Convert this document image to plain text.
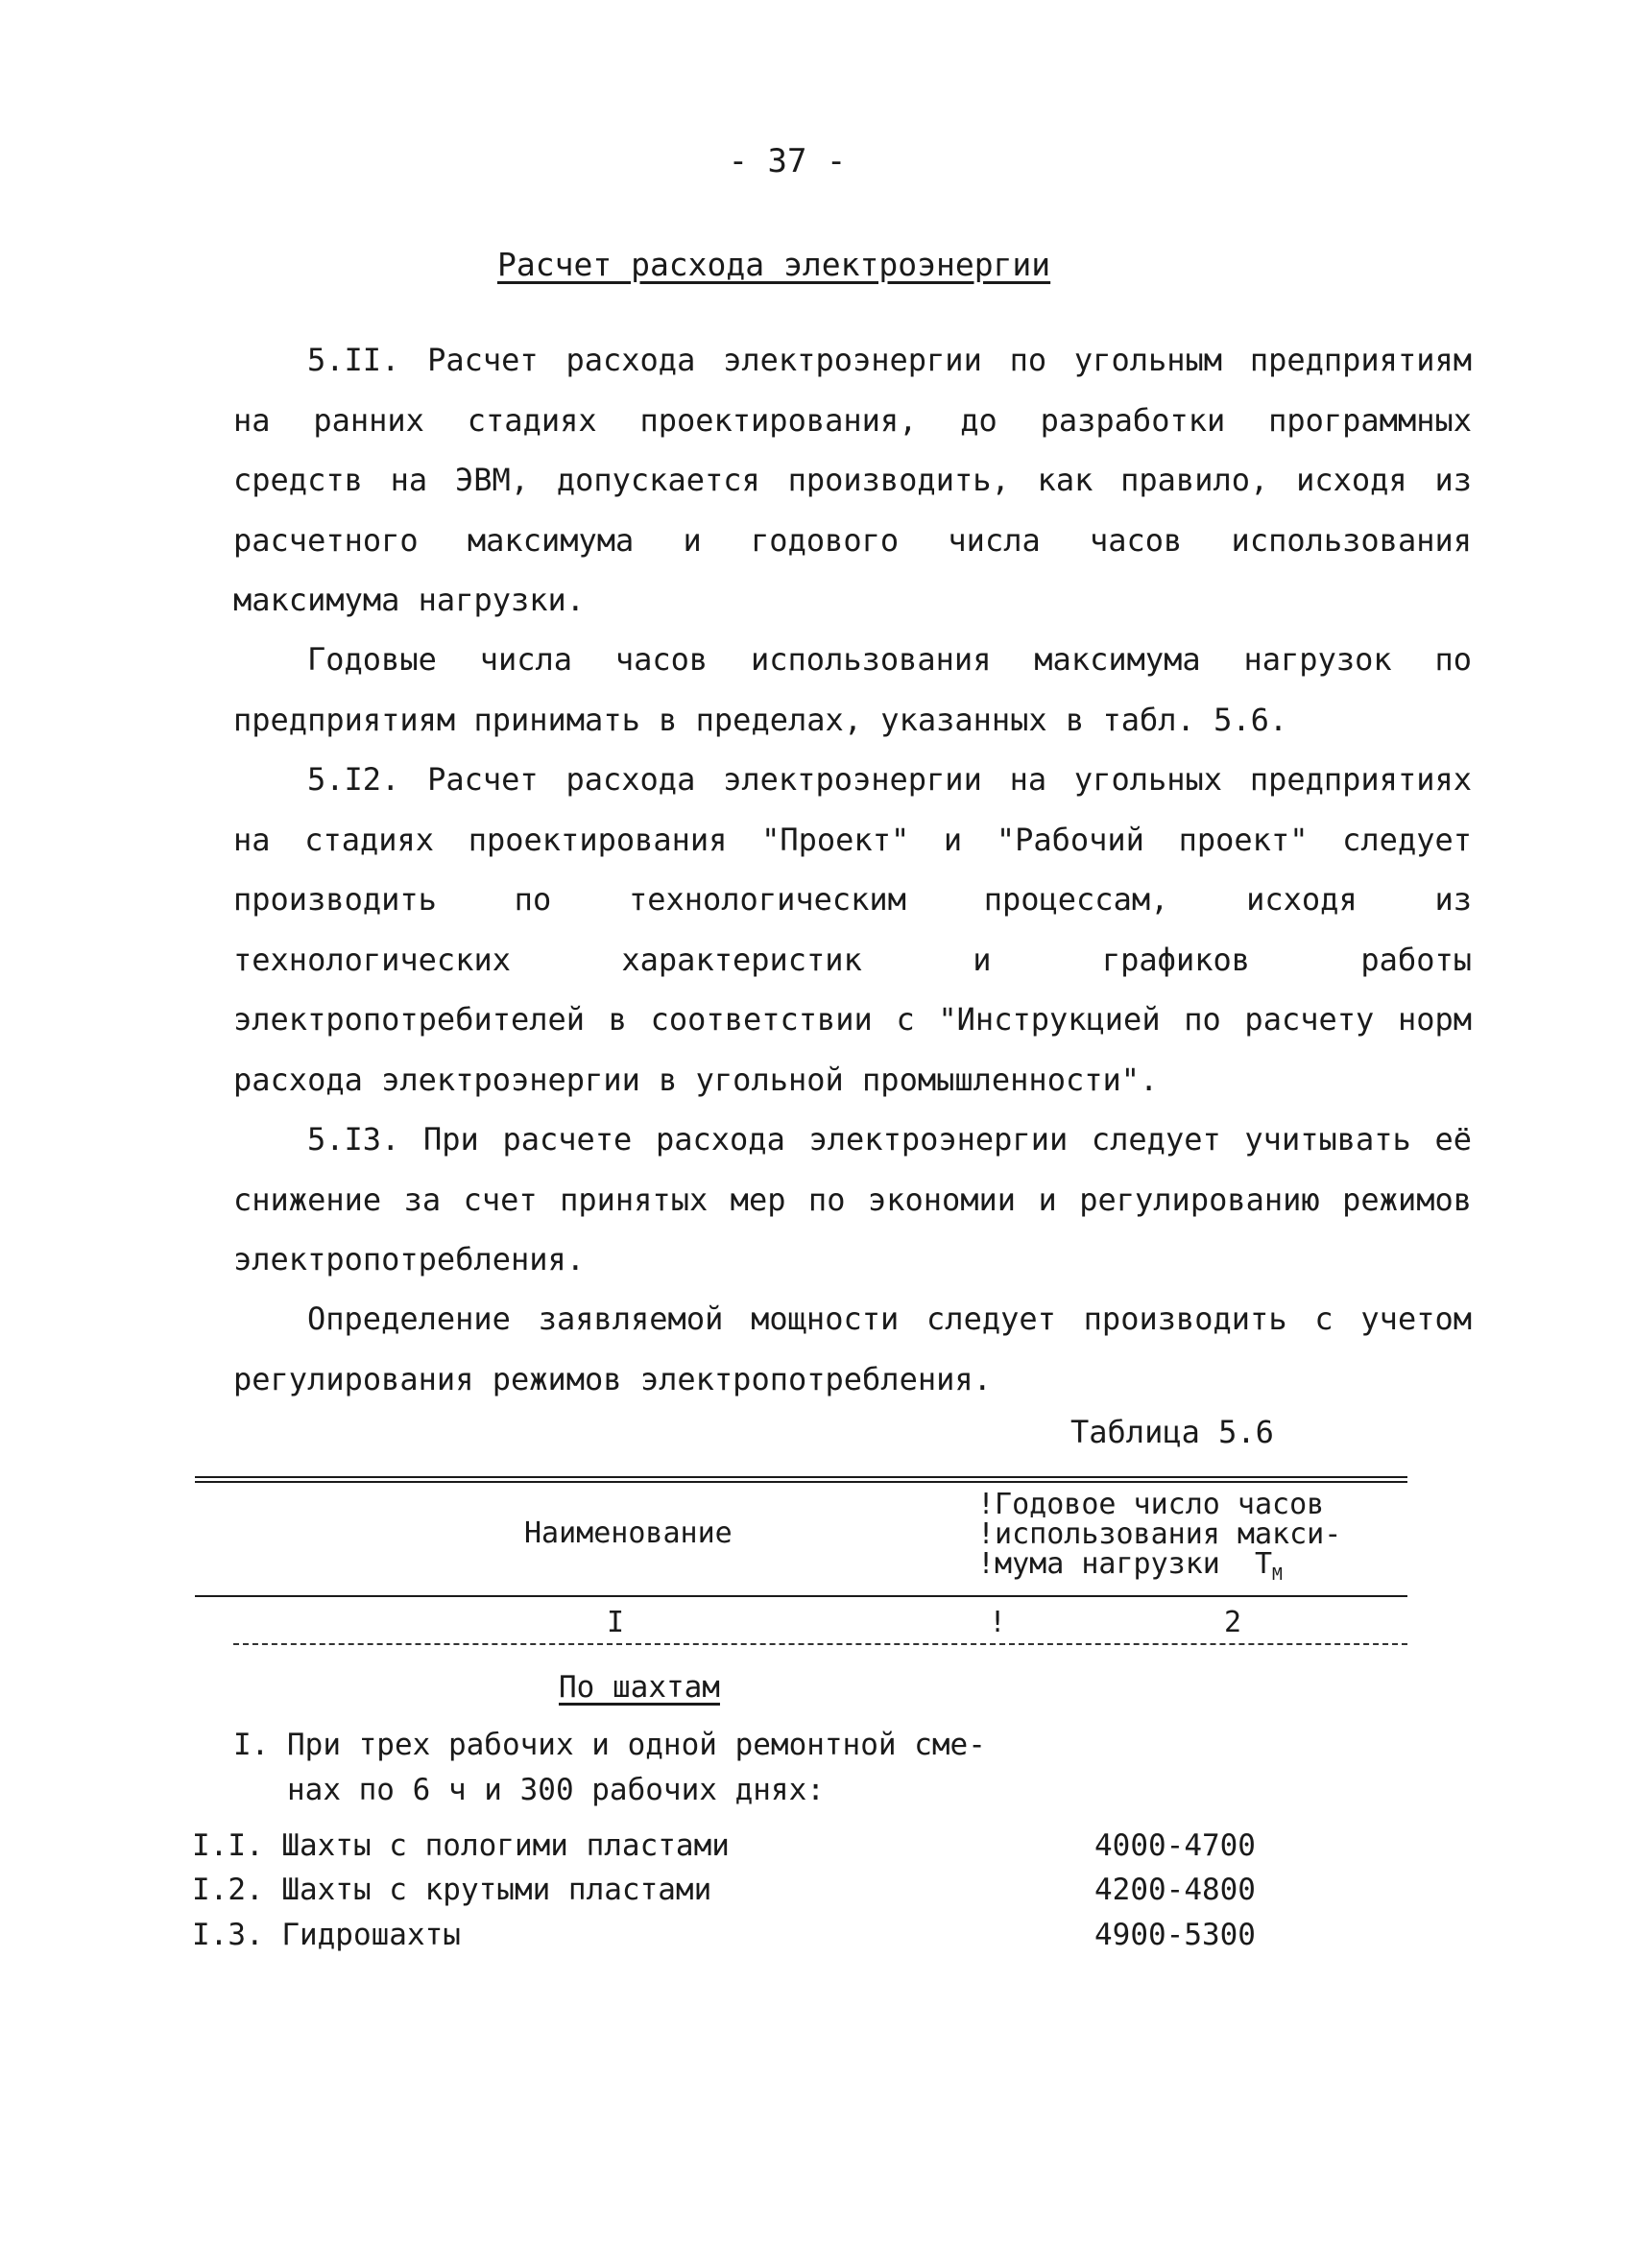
- 37 -
Расчет расхода электроэнергии

5.II. Расчет расхода электроэнергии по угольным предприятиям на ранних стадиях проектирования, до разработки программных средств на ЭВМ, допускается производить, как правило, исходя из расчетного максимума и годового числа часов использования максимума нагрузки.

Годовые числа часов использования максимума нагрузок по предприятиям принимать в пределах, указанных в табл. 5.6.

5.I2. Расчет расхода электроэнергии на угольных предприятиях на стадиях проектирования "Проект" и "Рабочий проект" следует производить по технологическим процессам, исходя из технологических характеристик и графиков работы электропотребителей в соответствии с "Инструкцией по расчету норм расхода электроэнергии в угольной промышленности".

5.I3. При расчете расхода электроэнергии следует учитывать её снижение за счет принятых мер по экономии и регулированию режимов электропотребления.

Определение заявляемой мощности следует производить с учетом регулирования режимов электропотребления.

Таблица 5.6
Наименование
!Годовое число часов
!использования макси-
!мума нагрузки  $T_М$
I	!	2
По шахтам
I. При трех рабочих и одной ремонтной сме-
нах по 6 ч и 300 рабочих днях:
I.I. Шахты с пологими пластами	4000-4700
I.2. Шахты с крутыми пластами	4200-4800
I.3. Гидрошахты	4900-5300
